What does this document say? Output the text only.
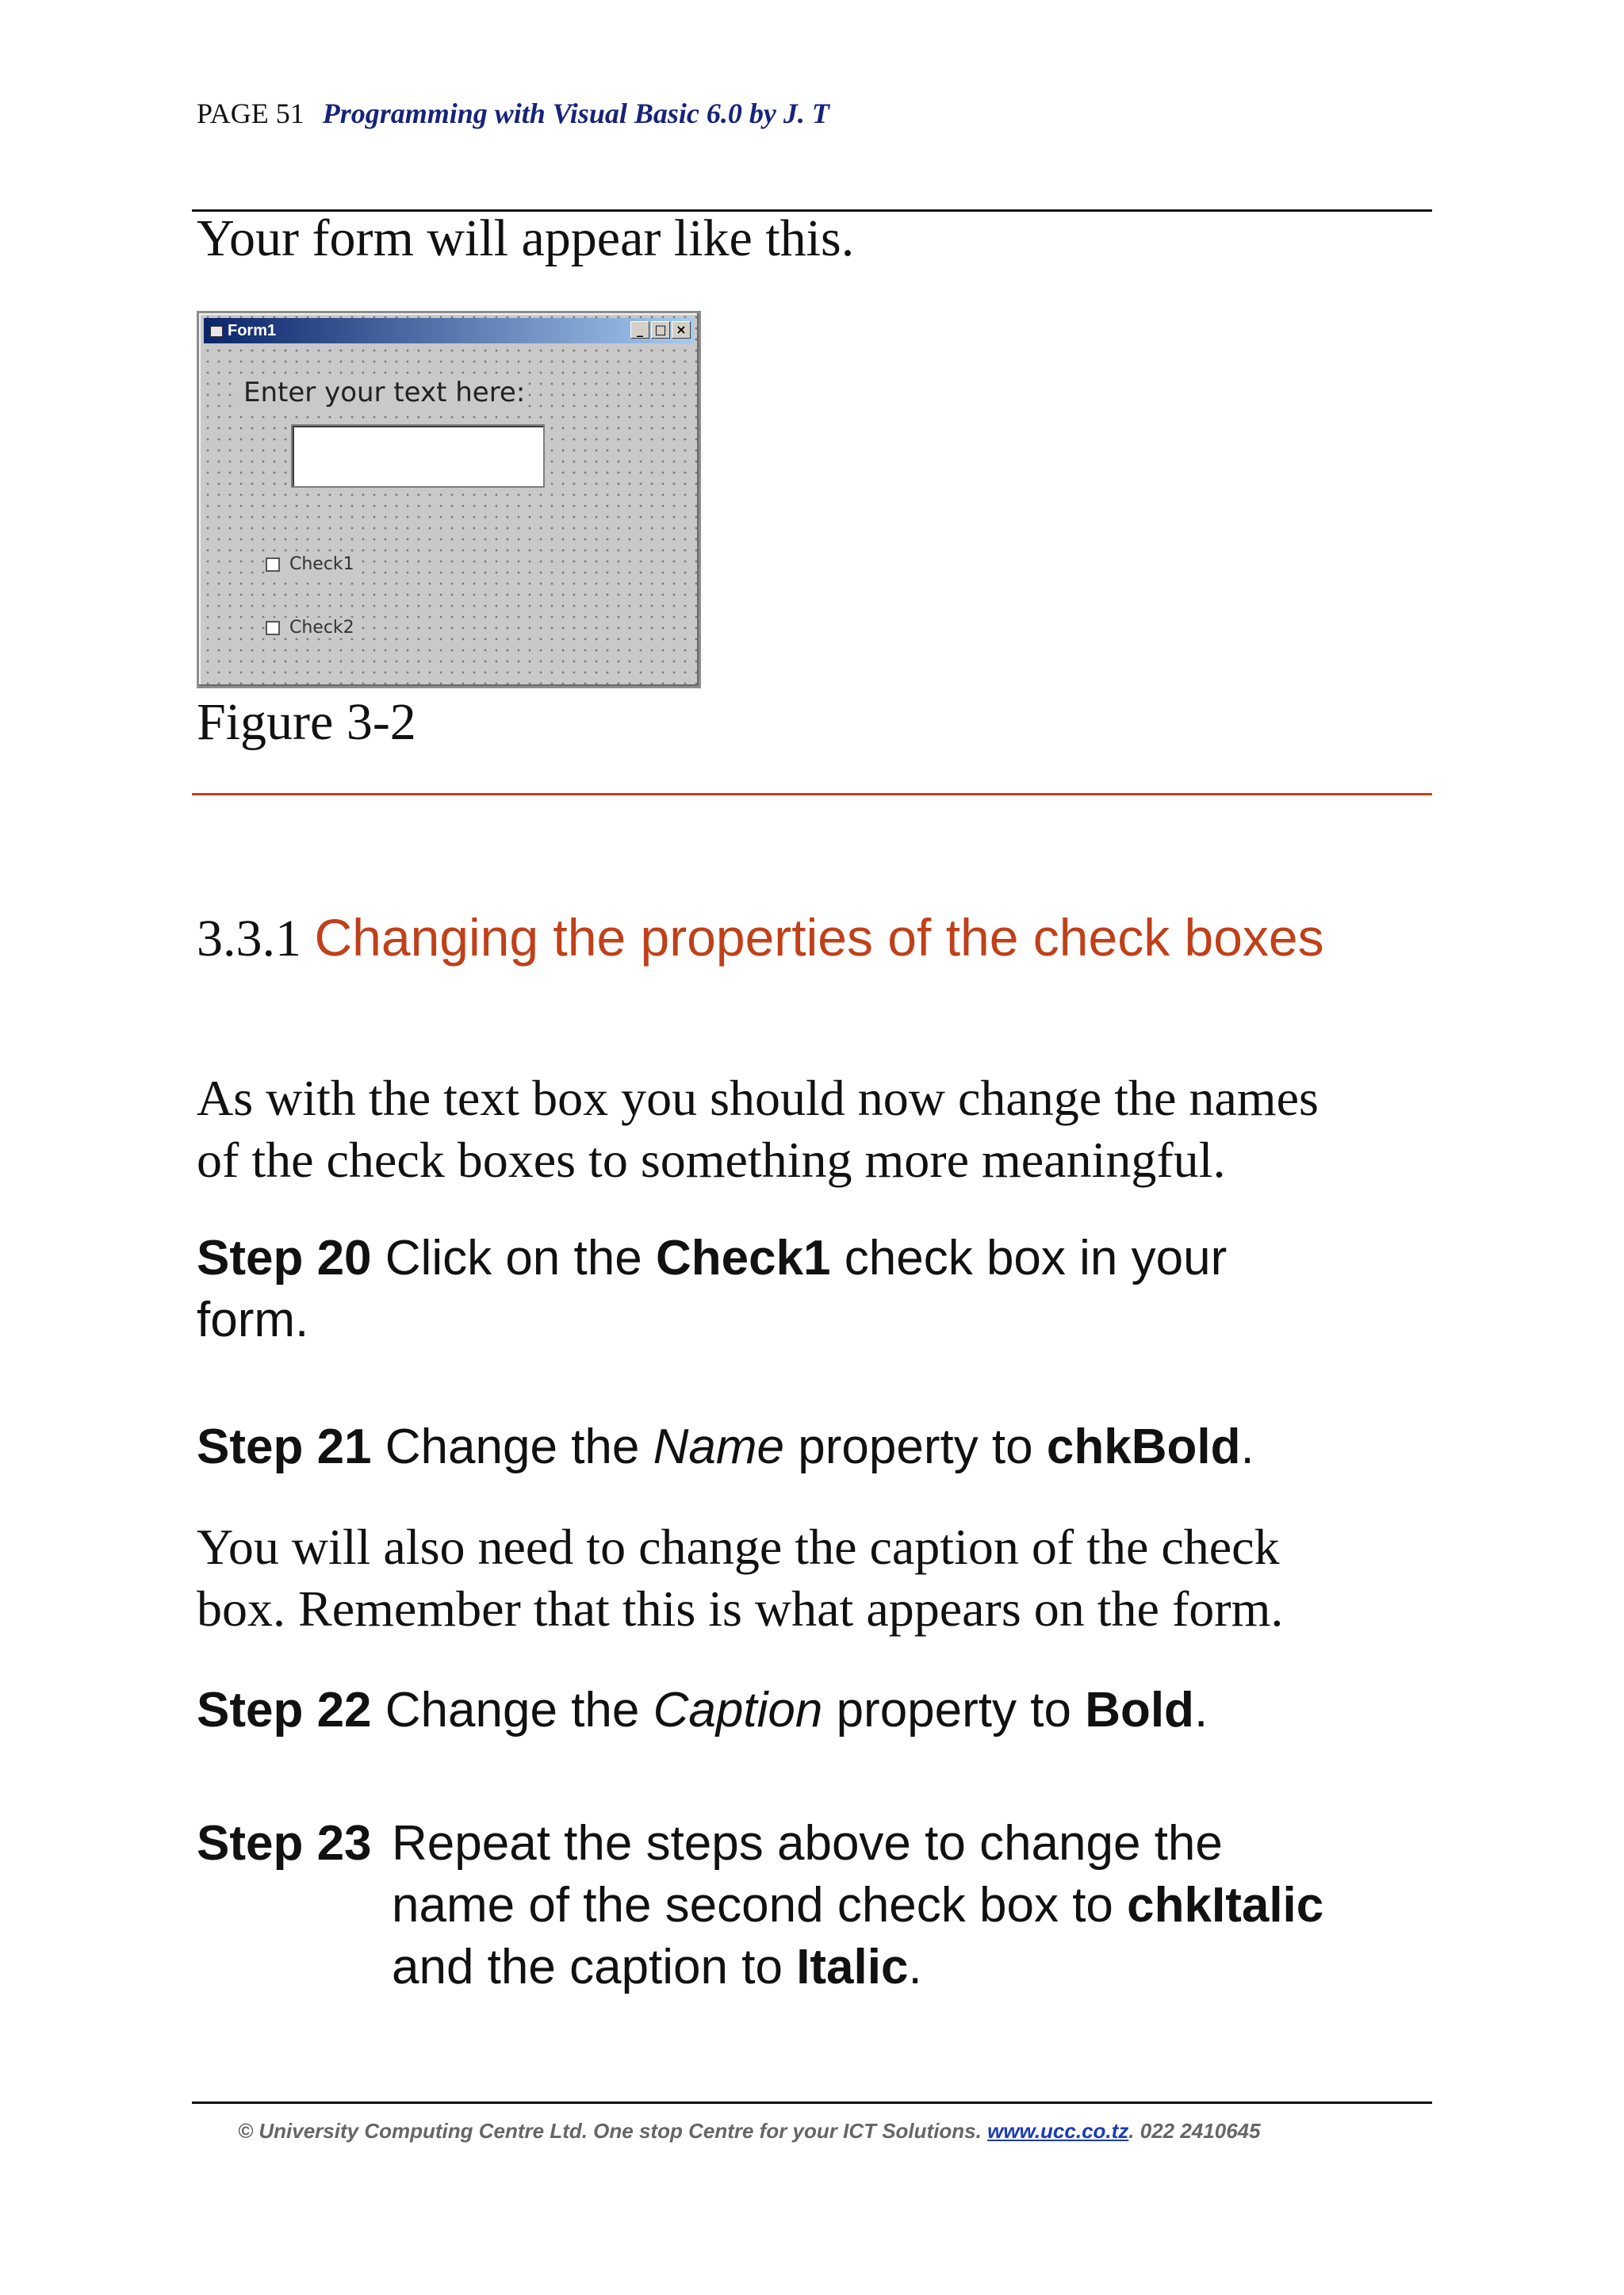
PAGE 51 Programming with Visual Basic 6.0 by J. T
Your form will appear like this.
Form1	_ □ ×
Enter your text here:
Check1
Check2
Figure 3-2
3.3.1 Changing the properties of the check boxes
As with the text box you should now change the names
of the check boxes to something more meaningful.
Step 20 Click on the Check1 check box in your
form.
Step 21 Change the Name property to chkBold.
You will also need to change the caption of the check
box. Remember that this is what appears on the form.
Step 22 Change the Caption property to Bold.
Step 23 Repeat the steps above to change the
name of the second check box to chkItalic
and the caption to Italic.
© University Computing Centre Ltd. One stop Centre for your ICT Solutions. www.ucc.co.tz. 022 2410645
